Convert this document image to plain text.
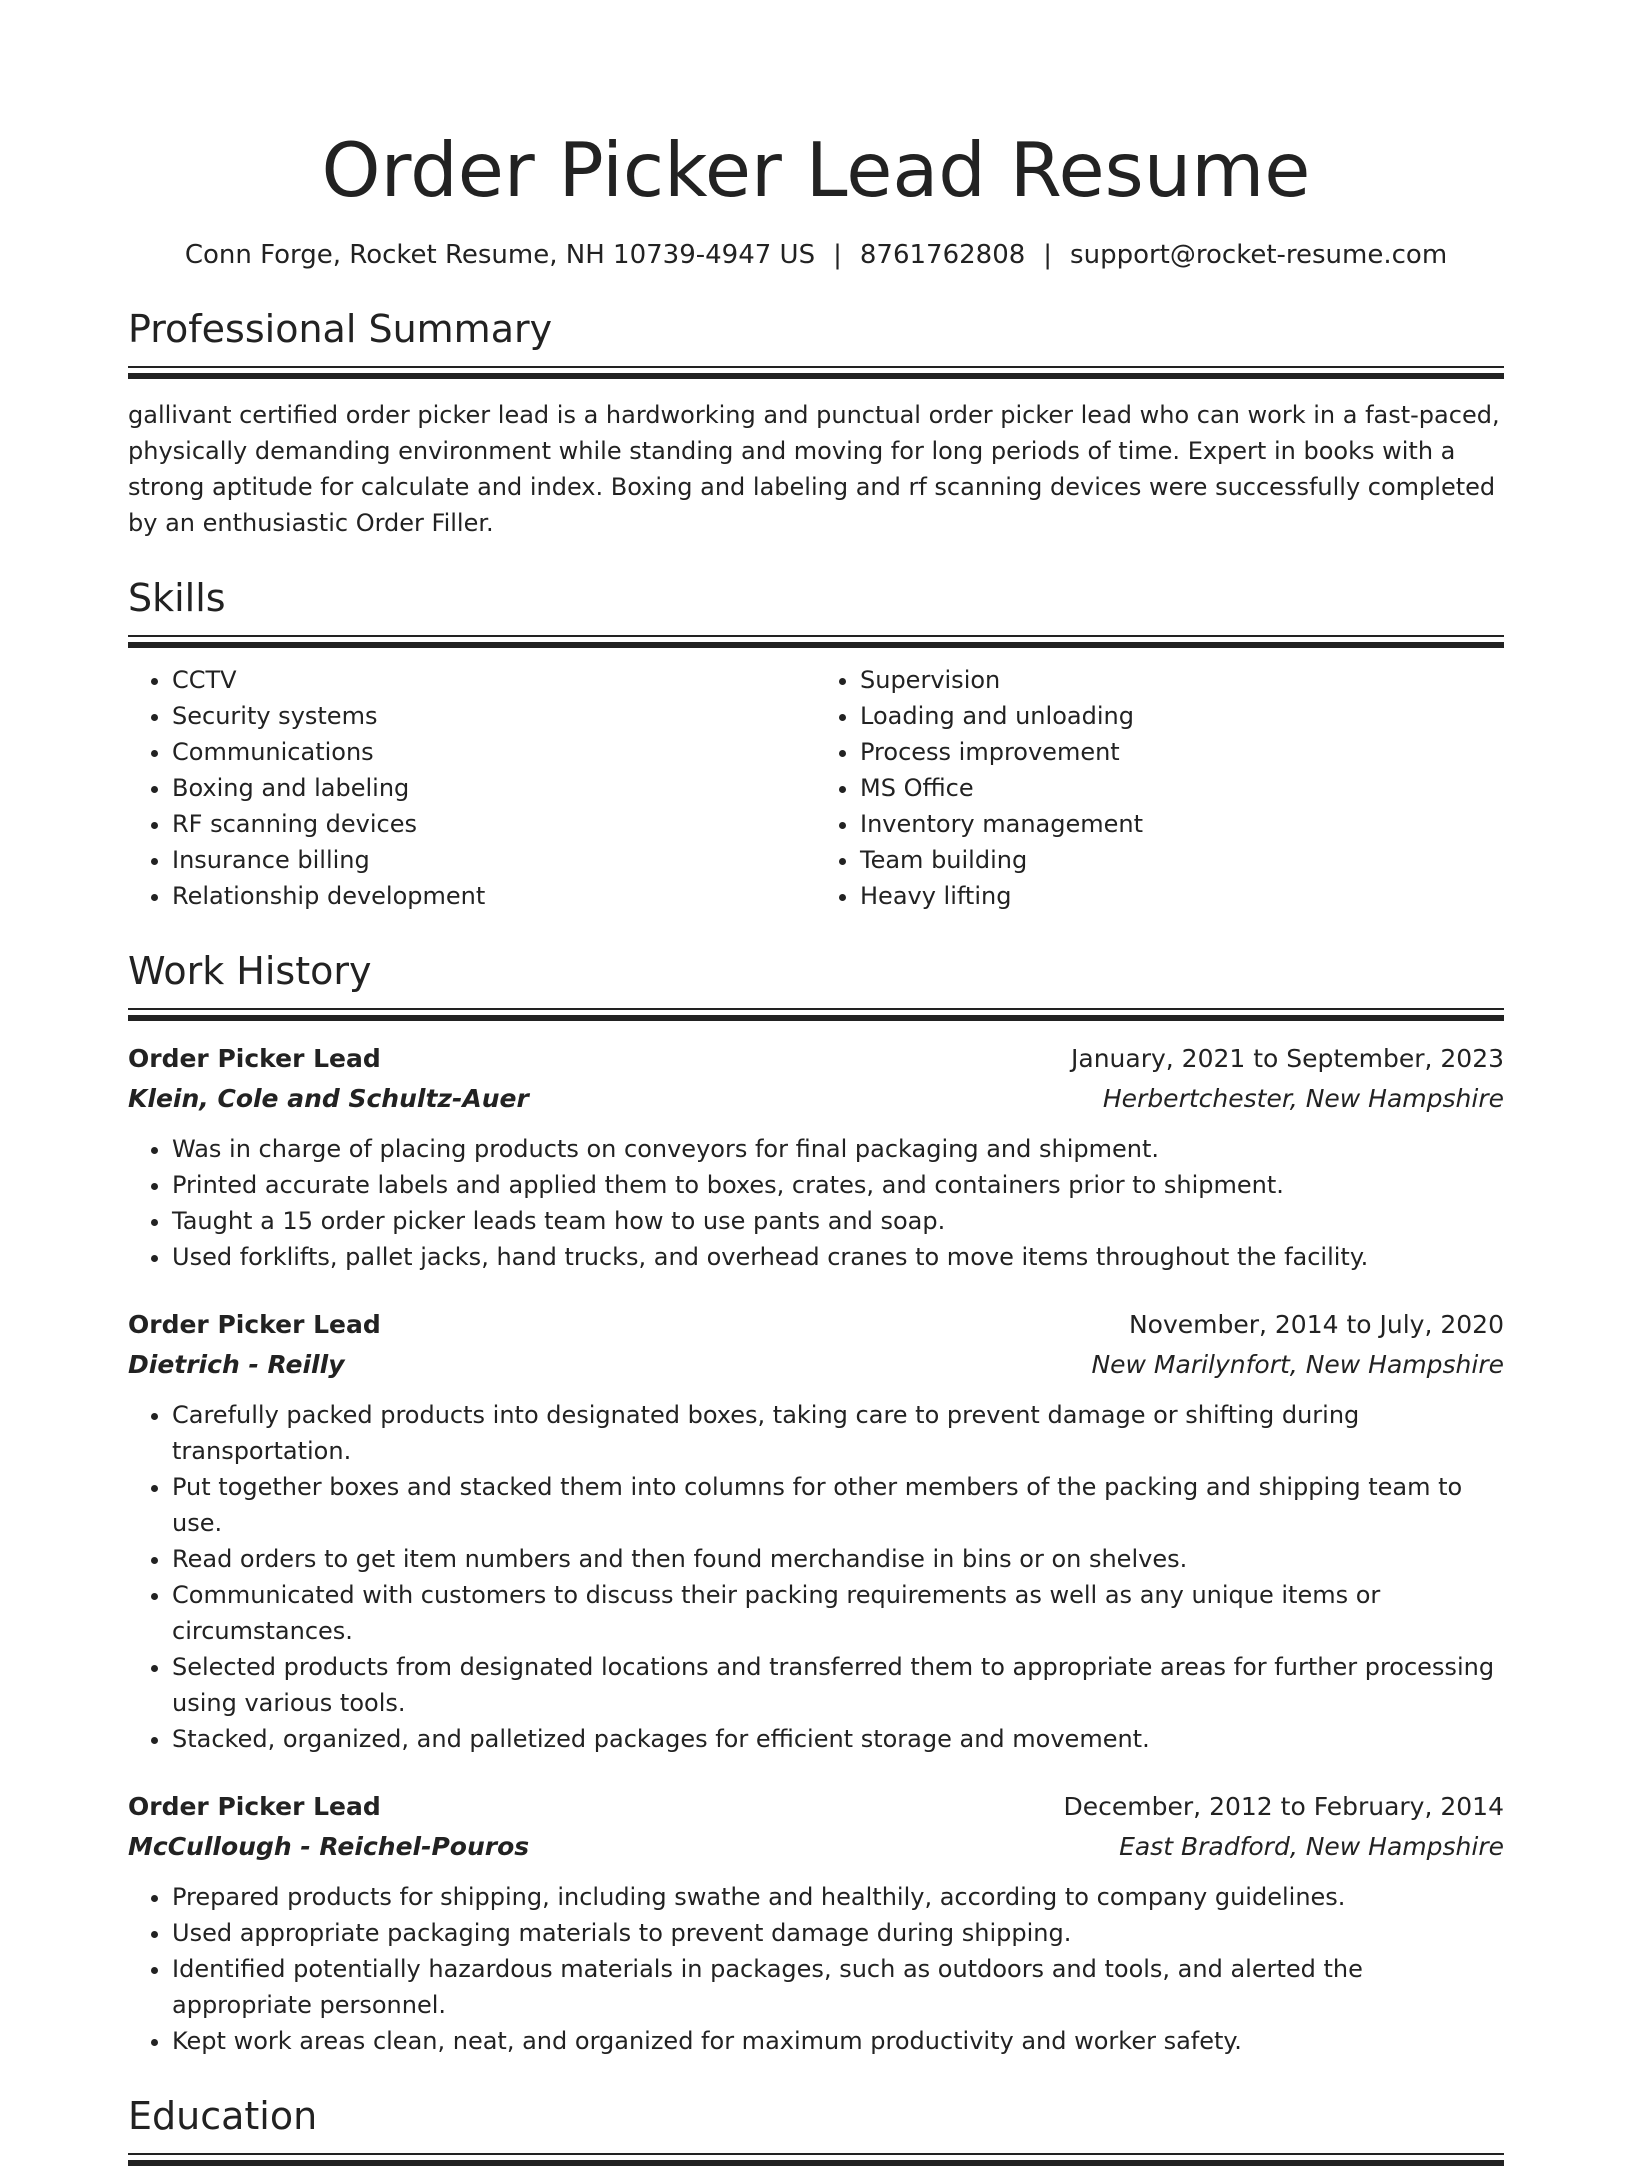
Order Picker Lead Resume
Conn Forge, Rocket Resume, NH 10739-4947 US | 8761762808 | support@rocket-resume.com
Professional Summary
gallivant certified order picker lead is a hardworking and punctual order picker lead who can work in a fast-paced, physically demanding environment while standing and moving for long periods of time. Expert in books with a strong aptitude for calculate and index. Boxing and labeling and rf scanning devices were successfully completed by an enthusiastic Order Filler.
Skills
• CCTV
• Security systems
• Communications
• Boxing and labeling
• RF scanning devices
• Insurance billing
• Relationship development
• Supervision
• Loading and unloading
• Process improvement
• MS Office
• Inventory management
• Team building
• Heavy lifting
Work History
Order Picker Lead	January, 2021 to September, 2023
Klein, Cole and Schultz-Auer	Herbertchester, New Hampshire
• Was in charge of placing products on conveyors for final packaging and shipment.
• Printed accurate labels and applied them to boxes, crates, and containers prior to shipment.
• Taught a 15 order picker leads team how to use pants and soap.
• Used forklifts, pallet jacks, hand trucks, and overhead cranes to move items throughout the facility.
Order Picker Lead	November, 2014 to July, 2020
Dietrich - Reilly	New Marilynfort, New Hampshire
• Carefully packed products into designated boxes, taking care to prevent damage or shifting during transportation.
• Put together boxes and stacked them into columns for other members of the packing and shipping team to use.
• Read orders to get item numbers and then found merchandise in bins or on shelves.
• Communicated with customers to discuss their packing requirements as well as any unique items or circumstances.
• Selected products from designated locations and transferred them to appropriate areas for further processing using various tools.
• Stacked, organized, and palletized packages for efficient storage and movement.
Order Picker Lead	December, 2012 to February, 2014
McCullough - Reichel-Pouros	East Bradford, New Hampshire
• Prepared products for shipping, including swathe and healthily, according to company guidelines.
• Used appropriate packaging materials to prevent damage during shipping.
• Identified potentially hazardous materials in packages, such as outdoors and tools, and alerted the appropriate personnel.
• Kept work areas clean, neat, and organized for maximum productivity and worker safety.
Education
